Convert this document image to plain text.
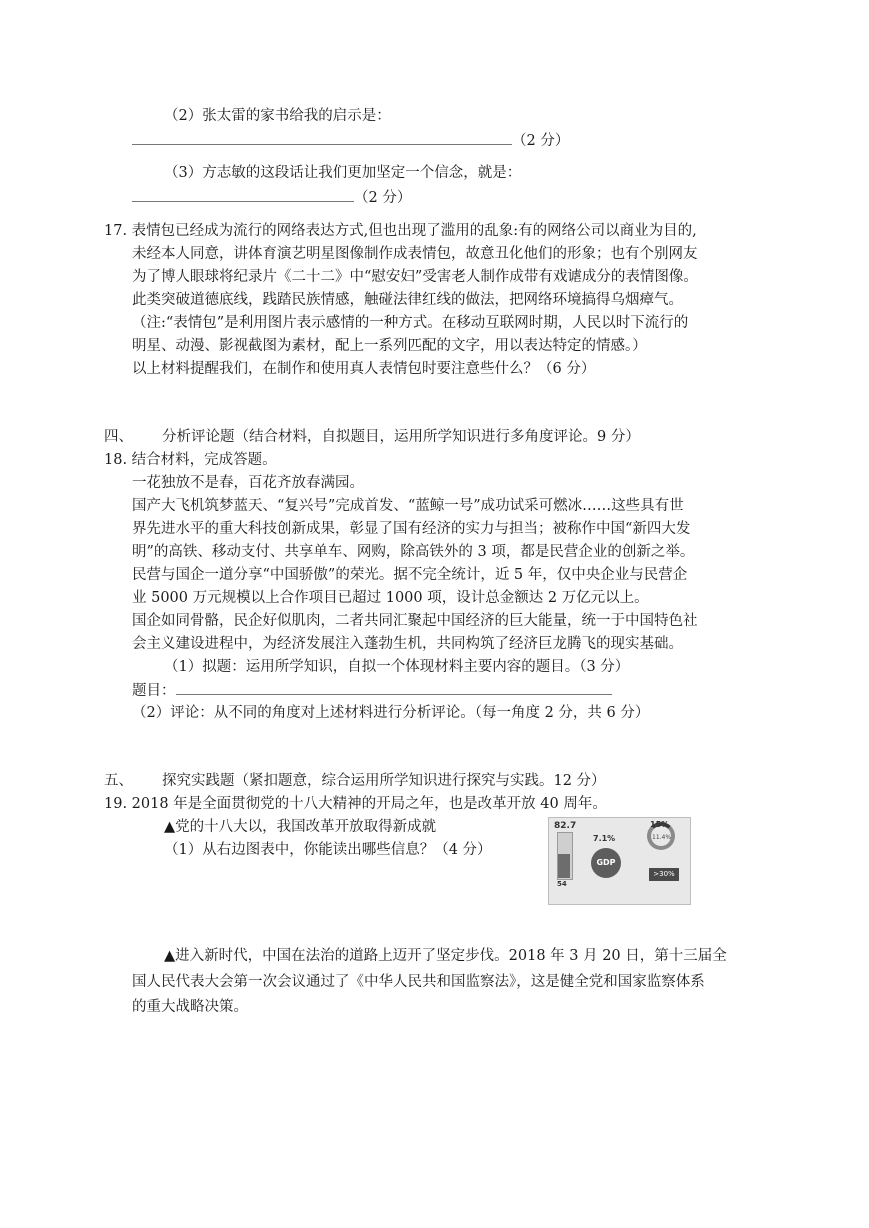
（2）张太雷的家书给我的启示是：
（2 分）
（3）方志敏的这段话让我们更加坚定一个信念，就是：
（2 分）
17. 表情包已经成为流行的网络表达方式,但也出现了滥用的乱象:有的网络公司以商业为目的,
未经本人同意，讲体育演艺明星图像制作成表情包，故意丑化他们的形象；也有个别网友
为了博人眼球将纪录片《二十二》中“慰安妇”受害老人制作成带有戏谑成分的表情图像。
此类突破道德底线，践踏民族情感，触碰法律红线的做法，把网络环境搞得乌烟瘴气。
（注:“表情包”是利用图片表示感情的一种方式。在移动互联网时期，人民以时下流行的
明星、动漫、影视截图为素材，配上一系列匹配的文字，用以表达特定的情感。）
以上材料提醒我们，在制作和使用真人表情包时要注意些什么？（6 分）
四、 分析评论题（结合材料，自拟题目，运用所学知识进行多角度评论。9 分）
18. 结合材料，完成答题。
一花独放不是春，百花齐放春满园。
国产大飞机筑梦蓝天、“复兴号”完成首发、“蓝鲸一号”成功试采可燃冰……这些具有世
界先进水平的重大科技创新成果，彰显了国有经济的实力与担当；被称作中国“新四大发
明”的高铁、移动支付、共享单车、网购，除高铁外的 3 项，都是民营企业的创新之举。
民营与国企一道分享“中国骄傲”的荣光。据不完全统计，近 5 年，仅中央企业与民营企
业 5000 万元规模以上合作项目已超过 1000 项，设计总金额达 2 万亿元以上。
国企如同骨骼，民企好似肌肉，二者共同汇聚起中国经济的巨大能量，统一于中国特色社
会主义建设进程中，为经济发展注入蓬勃生机，共同构筑了经济巨龙腾飞的现实基础。
（1）拟题：运用所学知识，自拟一个体现材料主要内容的题目。（3 分）
题目：
（2）评论：从不同的角度对上述材料进行分析评论。（每一角度 2 分，共 6 分）
五、 探究实践题（紧扣题意，综合运用所学知识进行探究与实践。12 分）
19. 2018 年是全面贯彻党的十八大精神的开局之年，也是改革开放 40 周年。
▲党的十八大以，我国改革开放取得新成就
（1）从右边图表中，你能读出哪些信息？（4 分）
82.7
54
7.1%
GDP
15%
11.4%
>30%
▲进入新时代，中国在法治的道路上迈开了坚定步伐。2018 年 3 月 20 日，第十三届全
国人民代表大会第一次会议通过了《中华人民共和国监察法》，这是健全党和国家监察体系
的重大战略决策。
